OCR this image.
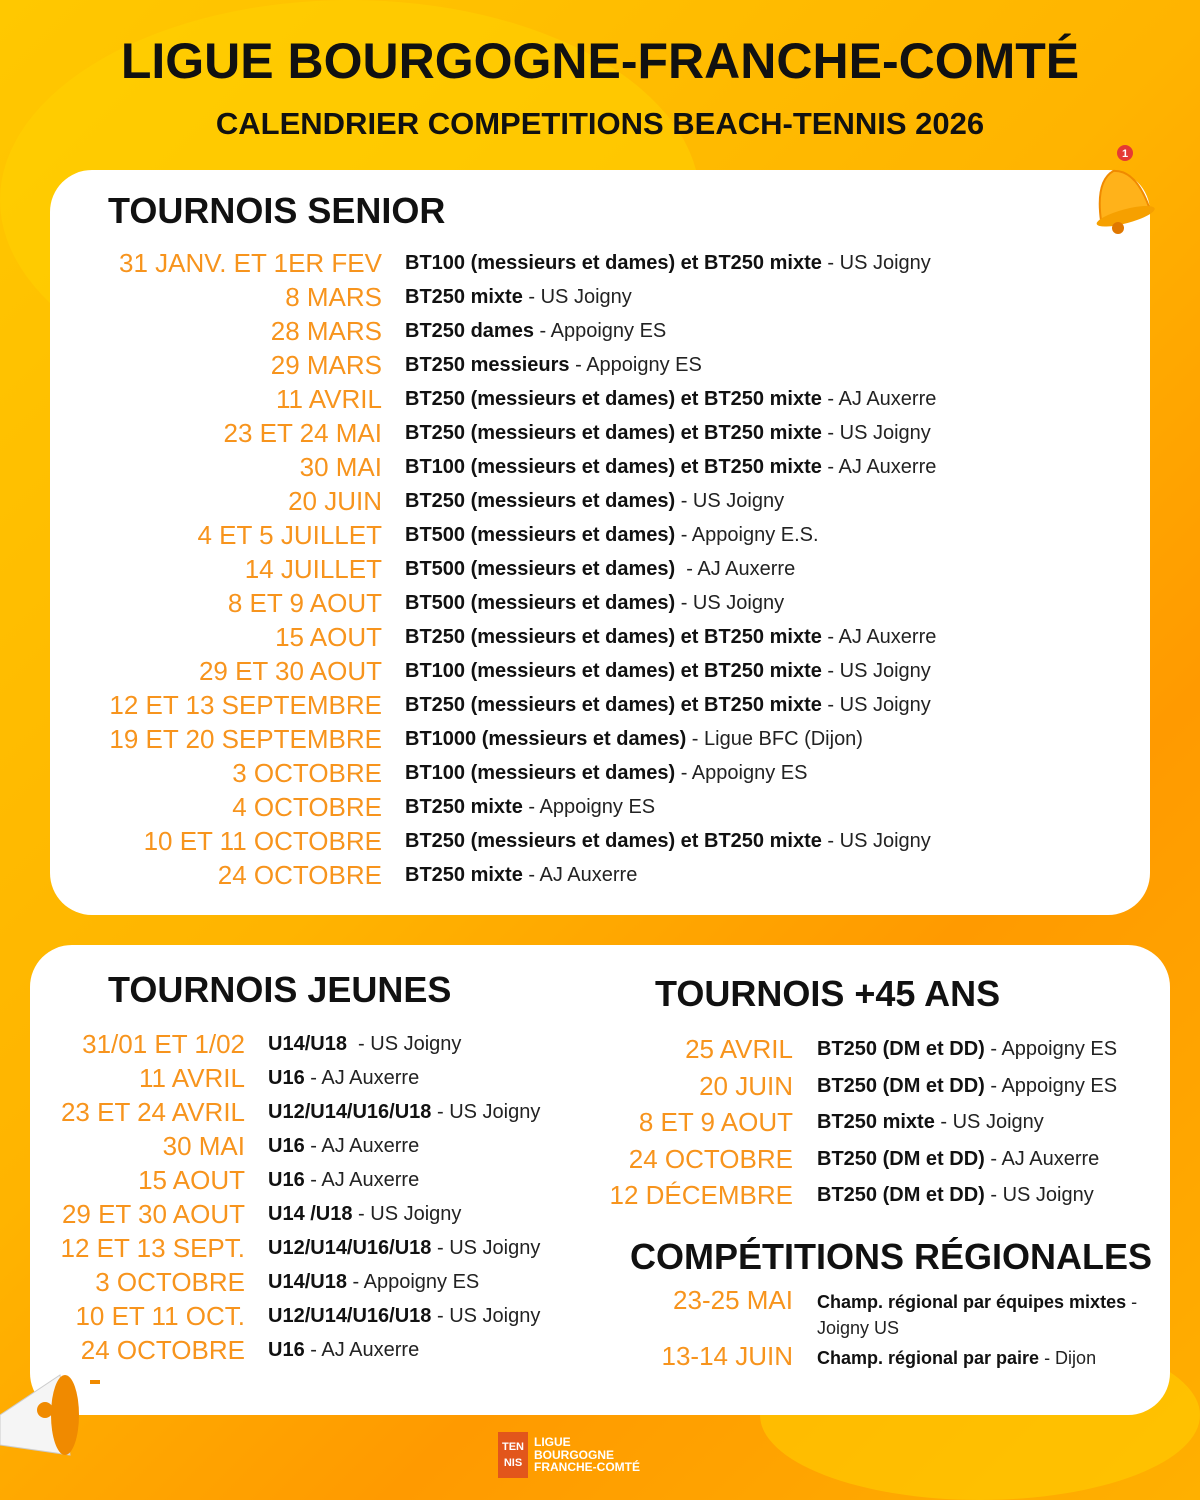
LIGUE BOURGOGNE-FRANCHE-COMTÉ
CALENDRIER COMPETITIONS BEACH-TENNIS 2026
TOURNOIS SENIOR
31 JANV. ET 1ER FEV BT100 (messieurs et dames) et BT250 mixte - US Joigny
8 MARS BT250 mixte - US Joigny
28 MARS BT250 dames - Appoigny ES
29 MARS BT250 messieurs - Appoigny ES
11 AVRIL BT250 (messieurs et dames) et BT250 mixte - AJ Auxerre
23 ET 24 MAI BT250 (messieurs et dames) et BT250 mixte - US Joigny
30 MAI BT100 (messieurs et dames) et BT250 mixte - AJ Auxerre
20 JUIN BT250 (messieurs et dames) - US Joigny
4 ET 5 JUILLET BT500 (messieurs et dames) - Appoigny E.S.
14 JUILLET BT500 (messieurs et dames)  - AJ Auxerre
8 ET 9 AOUT BT500 (messieurs et dames) - US Joigny
15 AOUT BT250 (messieurs et dames) et BT250 mixte - AJ Auxerre
29 ET 30 AOUT BT100 (messieurs et dames) et BT250 mixte - US Joigny
12 ET 13 SEPTEMBRE BT250 (messieurs et dames) et BT250 mixte - US Joigny
19 ET 20 SEPTEMBRE BT1000 (messieurs et dames) - Ligue BFC (Dijon)
3 OCTOBRE BT100 (messieurs et dames) - Appoigny ES
4 OCTOBRE BT250 mixte - Appoigny ES
10 ET 11 OCTOBRE BT250 (messieurs et dames) et BT250 mixte - US Joigny
24 OCTOBRE BT250 mixte - AJ Auxerre
1
TOURNOIS JEUNES
31/01 ET 1/02 U14/U18  - US Joigny
11 AVRIL U16 - AJ Auxerre
23 ET 24 AVRIL U12/U14/U16/U18 - US Joigny
30 MAI U16 - AJ Auxerre
15 AOUT U16 - AJ Auxerre
29 ET 30 AOUT U14 /U18 - US Joigny
12 ET 13 SEPT. U12/U14/U16/U18 - US Joigny
3 OCTOBRE U14/U18 - Appoigny ES
10 ET 11 OCT. U12/U14/U16/U18 - US Joigny
24 OCTOBRE U16 - AJ Auxerre
TOURNOIS +45 ANS
25 AVRIL BT250 (DM et DD) - Appoigny ES
20 JUIN BT250 (DM et DD) - Appoigny ES
8 ET 9 AOUT BT250 mixte - US Joigny
24 OCTOBRE BT250 (DM et DD) - AJ Auxerre
12 DÉCEMBRE BT250 (DM et DD) - US Joigny
COMPÉTITIONS RÉGIONALES
23-25 MAI Champ. régional par équipes mixtes - Joigny US
13-14 JUIN Champ. régional par paire - Dijon
TEN
NIS
LIGUE
BOURGOGNE
FRANCHE-COMTÉ
